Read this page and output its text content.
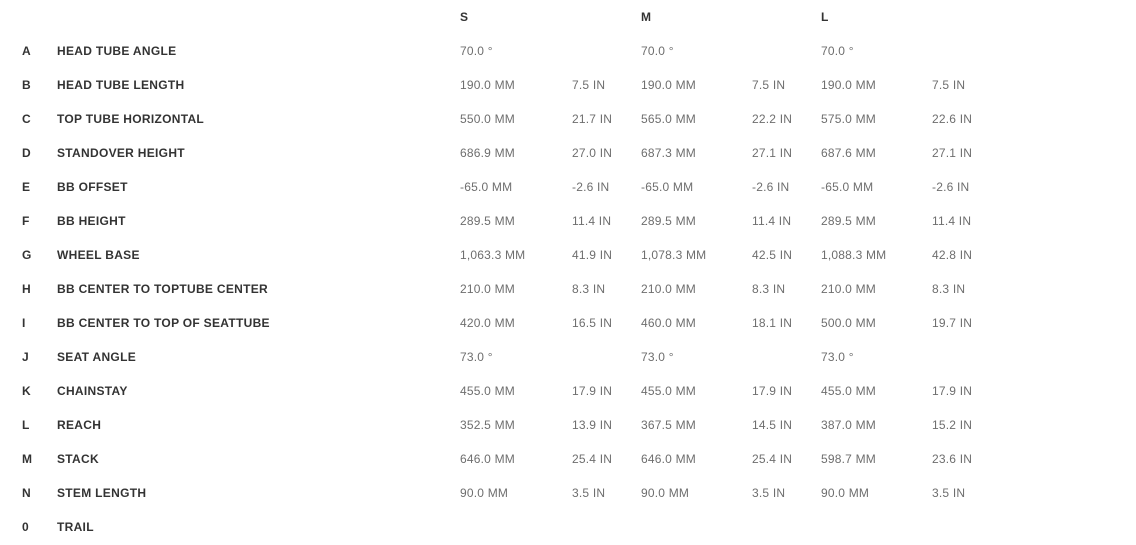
S	M	L
A	HEAD TUBE ANGLE	70.0 °	70.0 °	70.0 °
B	HEAD TUBE LENGTH	190.0 MM	7.5 IN	190.0 MM	7.5 IN	190.0 MM	7.5 IN
C	TOP TUBE HORIZONTAL	550.0 MM	21.7 IN	565.0 MM	22.2 IN	575.0 MM	22.6 IN
D	STANDOVER HEIGHT	686.9 MM	27.0 IN	687.3 MM	27.1 IN	687.6 MM	27.1 IN
E	BB OFFSET	-65.0 MM	-2.6 IN	-65.0 MM	-2.6 IN	-65.0 MM	-2.6 IN
F	BB HEIGHT	289.5 MM	11.4 IN	289.5 MM	11.4 IN	289.5 MM	11.4 IN
G	WHEEL BASE	1,063.3 MM	41.9 IN	1,078.3 MM	42.5 IN	1,088.3 MM	42.8 IN
H	BB CENTER TO TOPTUBE CENTER	210.0 MM	8.3 IN	210.0 MM	8.3 IN	210.0 MM	8.3 IN
I	BB CENTER TO TOP OF SEATTUBE	420.0 MM	16.5 IN	460.0 MM	18.1 IN	500.0 MM	19.7 IN
J	SEAT ANGLE	73.0 °	73.0 °	73.0 °
K	CHAINSTAY	455.0 MM	17.9 IN	455.0 MM	17.9 IN	455.0 MM	17.9 IN
L	REACH	352.5 MM	13.9 IN	367.5 MM	14.5 IN	387.0 MM	15.2 IN
M	STACK	646.0 MM	25.4 IN	646.0 MM	25.4 IN	598.7 MM	23.6 IN
N	STEM LENGTH	90.0 MM	3.5 IN	90.0 MM	3.5 IN	90.0 MM	3.5 IN
0	TRAIL
